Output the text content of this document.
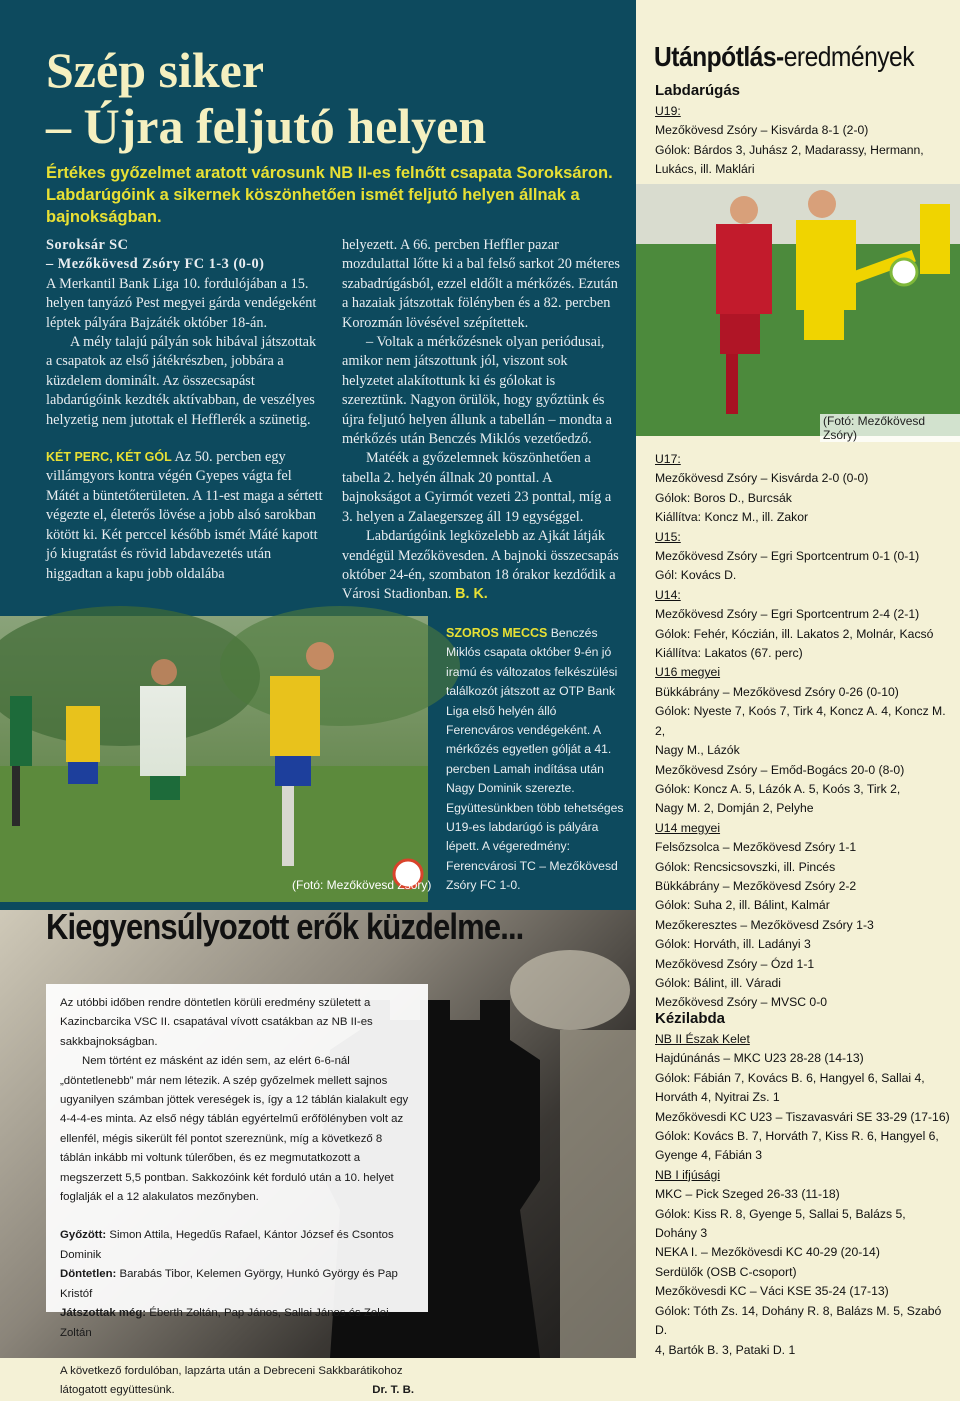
Szép siker
– Újra feljutó helyen

Értékes győzelmet aratott városunk NB II-es felnőtt csapata Soroksáron. Labdarúgóink a sikernek köszönhetően ismét feljutó helyen állnak a bajnokságban.

Soroksár SC
– Mezőkövesd Zsóry FC 1-3 (0-0)

A Merkantil Bank Liga 10. fordulójában a 15. helyen tanyázó Pest megyei gárda vendégeként léptek pályára Bajzáték október 18-án.

A mély talajú pályán sok hibával játszottak a csapatok az első játékrészben, jobbára a küzdelem dominált. Az összecsapást labdarúgóink kezdték aktívabban, de veszélyes helyzetig nem jutottak el Hefflerék a szünetig.

KÉT PERC, KÉT GÓL Az 50. percben egy villámgyors kontra végén Gyepes vágta fel Mátét a büntetőterületen. A 11-est maga a sértett végezte el, életerős lövése a jobb alsó sarokban kötött ki. Két perccel később ismét Máté kapott jó kiugratást és rövid labdavezetés után higgadtan a kapu jobb oldalába

helyezett. A 66. percben Heffler pazar mozdulattal lőtte ki a bal felső sarkot 20 méteres szabadrúgásból, ezzel eldőlt a mérkőzés. Ezután a hazaiak játszottak fölényben és a 82. percben Korozmán lövésével szépítettek.

– Voltak a mérkőzésnek olyan periódusai, amikor nem játszottunk jól, viszont sok helyzetet alakítottunk ki és gólokat is szereztünk. Nagyon örülök, hogy győztünk és újra feljutó helyen állunk a tabellán – mondta a mérkőzés után Benczés Miklós vezetőedző.

Matéék a győzelemnek köszönhetően a tabella 2. helyén állnak 20 ponttal. A bajnokságot a Gyirmót vezeti 23 ponttal, míg a 3. helyen a Zalaegerszeg áll 19 egységgel.

Labdarúgóink legközelebb az Ajkát látják vendégül Mezőkövesden. A bajnoki összecsapás október 24-én, szombaton 18 órakor kezdődik a Városi Stadionban. B. K.

(Fotó: Mezőkövesd Zsóry)
SZOROS MECCS Benczés Miklós csapata október 9-én jó iramú és változatos felkészülési találkozót játszott az OTP Bank Liga első helyén álló Ferencváros vendégeként. A mérkőzés egyetlen gólját a 41. percben Lamah indítása után Nagy Dominik szerezte. Együttesünkben több tehetséges U19-es labdarúgó is pályára lépett. A végeredmény: Ferencvárosi TC – Mezőkövesd Zsóry FC 1-0.
Kiegyensúlyozott erők küzdelme...

Az utóbbi időben rendre döntetlen körüli eredmény született a Kazincbarcika VSC II. csapatával vívott csatákban az NB II-es sakkbajnokságban.

Nem történt ez másként az idén sem, az elért 6-6-nál „döntetlenebb” már nem létezik. A szép győzelmek mellett sajnos ugyanilyen számban jöttek vereségek is, így a 12 táblán kialakult egy 4-4-4-es minta. Az első négy táblán egyértelmű erőfölényben volt az ellenfél, mégis sikerült fél pontot szereznünk, míg a következő 8 táblán inkább mi voltunk túlerőben, és ez megmutatkozott a megszerzett 5,5 pontban. Sakkozóink két forduló után a 10. helyet foglalják el a 12 alakulatos mezőnyben.

Győzött: Simon Attila, Hegedűs Rafael, Kántor József és Csontos Dominik

Döntetlen: Barabás Tibor, Kelemen György, Hunkó György és Pap Kristóf

Játszottak még: Éberth Zoltán, Pap János, Sallai János és Zelei Zoltán

A következő fordulóban, lapzárta után a Debreceni Sakkbarátikohoz látogatott együttesünk.	Dr. T. B.

Utánpótlás-eredmények
Labdarúgás
U19:
Mezőkövesd Zsóry – Kisvárda 8-1 (2-0)
Gólok: Bárdos 3, Juhász 2, Madarassy, Hermann,
Lukács, ill. Maklári
(Fotó: Mezőkövesd Zsóry)
U17:
Mezőkövesd Zsóry – Kisvárda 2-0 (0-0)
Gólok: Boros D., Burcsák
Kiállítva: Koncz M., ill. Zakor
U15:
Mezőkövesd Zsóry – Egri Sportcentrum 0-1 (0-1)
Gól: Kovács D.
U14:
Mezőkövesd Zsóry – Egri Sportcentrum 2-4 (2-1)
Gólok: Fehér, Kóczián, ill. Lakatos 2, Molnár, Kacsó
Kiállítva: Lakatos (67. perc)
U16 megyei
Bükkábrány – Mezőkövesd Zsóry 0-26 (0-10)
Gólok: Nyeste 7, Koós 7, Tirk 4, Koncz A. 4, Koncz M. 2,
Nagy M., Lázók
Mezőkövesd Zsóry – Emőd-Bogács 20-0 (8-0)
Gólok: Koncz A. 5, Lázók A. 5, Koós 3, Tirk 2,
Nagy M. 2, Domján 2, Pelyhe
U14 megyei
Felsőzsolca – Mezőkövesd Zsóry 1-1
Gólok: Rencsicsovszki, ill. Pincés
Bükkábrány – Mezőkövesd Zsóry 2-2
Gólok: Suha 2, ill. Bálint, Kalmár
Mezőkeresztes – Mezőkövesd Zsóry 1-3
Gólok: Horváth, ill. Ladányi 3
Mezőkövesd Zsóry – Ózd 1-1
Gólok: Bálint, ill. Váradi
Mezőkövesd Zsóry – MVSC 0-0
Kézilabda
NB II Észak Kelet
Hajdúnánás – MKC U23 28-28 (14-13)
Gólok: Fábián 7, Kovács B. 6, Hangyel 6, Sallai 4,
Horváth 4, Nyitrai Zs. 1
Mezőkövesdi KC U23 – Tiszavasvári SE 33-29 (17-16)
Gólok: Kovács B. 7, Horváth 7, Kiss R. 6, Hangyel 6,
Gyenge 4, Fábián 3
NB I ifjúsági
MKC – Pick Szeged 26-33 (11-18)
Gólok: Kiss R. 8, Gyenge 5, Sallai 5, Balázs 5, Dohány 3
NEKA I. – Mezőkövesdi KC 40-29 (20-14)
Serdülők (OSB C-csoport)
Mezőkövesdi KC – Váci KSE 35-24 (17-13)
Gólok: Tóth Zs. 14, Dohány R. 8, Balázs M. 5, Szabó D.
4, Bartók B. 3, Pataki D. 1
